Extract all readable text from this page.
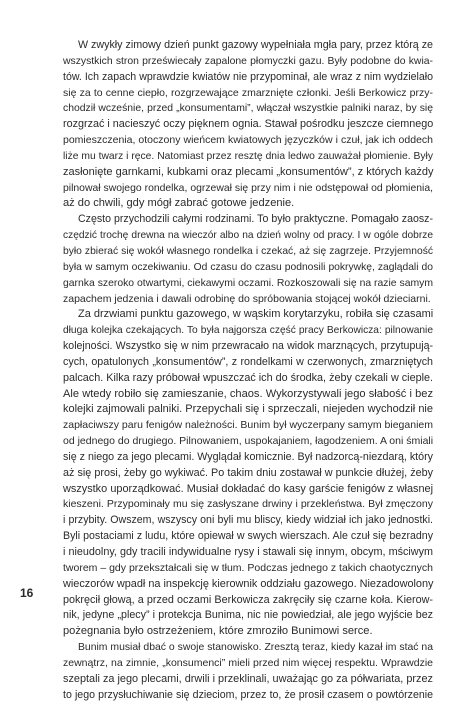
W zwykły zimowy dzień punkt gazowy wypełniała mgła pary, przez którą ze
wszystkich stron przeświecały zapalone płomyczki gazu. Były podobne do kwia-
tów. Ich zapach wprawdzie kwiatów nie przypominał, ale wraz z nim wydzielało
się za to cenne ciepło, rozgrzewające zmarznięte członki. Jeśli Berkowicz przy-
chodził wcześnie, przed „konsumentami”, włączał wszystkie palniki naraz, by się
rozgrzać i nacieszyć oczy pięknem ognia. Stawał pośrodku jeszcze ciemnego
pomieszczenia, otoczony wieńcem kwiatowych języczków i czuł, jak ich oddech
liże mu twarz i ręce. Natomiast przez resztę dnia ledwo zauważał płomienie. Były
zasłonięte garnkami, kubkami oraz plecami „konsumentów”, z których każdy
pilnował swojego rondelka, ogrzewał się przy nim i nie odstępował od płomienia,
aż do chwili, gdy mógł zabrać gotowe jedzenie.
Często przychodzili całymi rodzinami. To było praktyczne. Pomagało zaosz-
czędzić trochę drewna na wieczór albo na dzień wolny od pracy. I w ogóle dobrze
było zbierać się wokół własnego rondelka i czekać, aż się zagrzeje. Przyjemność
była w samym oczekiwaniu. Od czasu do czasu podnosili pokrywkę, zaglądali do
garnka szeroko otwartymi, ciekawymi oczami. Rozkoszowali się na razie samym
zapachem jedzenia i dawali odrobinę do spróbowania stojącej wokół dzieciarni.
Za drzwiami punktu gazowego, w wąskim korytarzyku, robiła się czasami
długa kolejka czekających. To była najgorsza część pracy Berkowicza: pilnowanie
kolejności. Wszystko się w nim przewracało na widok marznących, przytupują-
cych, opatulonych „konsumentów”, z rondelkami w czerwonych, zmarzniętych
palcach. Kilka razy próbował wpuszczać ich do środka, żeby czekali w cieple.
Ale wtedy robiło się zamieszanie, chaos. Wykorzystywali jego słabość i bez
kolejki zajmowali palniki. Przepychali się i sprzeczali, niejeden wychodził nie
zapłaciwszy paru fenigów należności. Bunim był wyczerpany samym bieganiem
od jednego do drugiego. Pilnowaniem, uspokajaniem, łagodzeniem. A oni śmiali
się z niego za jego plecami. Wyglądał komicznie. Był nadzorcą-niezdarą, który
aż się prosi, żeby go wykiwać. Po takim dniu zostawał w punkcie dłużej, żeby
wszystko uporządkować. Musiał dokładać do kasy garście fenigów z własnej
kieszeni. Przypominały mu się zasłyszane drwiny i przekleństwa. Był zmęczony
i przybity. Owszem, wszyscy oni byli mu bliscy, kiedy widział ich jako jednostki.
Byli postaciami z ludu, które opiewał w swych wierszach. Ale czuł się bezradny
i nieudolny, gdy tracili indywidualne rysy i stawali się innym, obcym, mściwym
tworem – gdy przekształcali się w tłum. Podczas jednego z takich chaotycznych
wieczorów wpadł na inspekcję kierownik oddziału gazowego. Niezadowolony
pokręcił głową, a przed oczami Berkowicza zakręciły się czarne koła. Kierow-
nik, jedyne „plecy” i protekcja Bunima, nic nie powiedział, ale jego wyjście bez
pożegnania było ostrzeżeniem, które zmroziło Bunimowi serce.
Bunim musiał dbać o swoje stanowisko. Zresztą teraz, kiedy kazał im stać na
zewnątrz, na zimnie, „konsumenci” mieli przed nim więcej respektu. Wprawdzie
szeptali za jego plecami, drwili i przeklinali, uważając go za półwariata, przez
to jego przysłuchiwanie się dzieciom, przez to, że prosił czasem o powtórzenie
16
